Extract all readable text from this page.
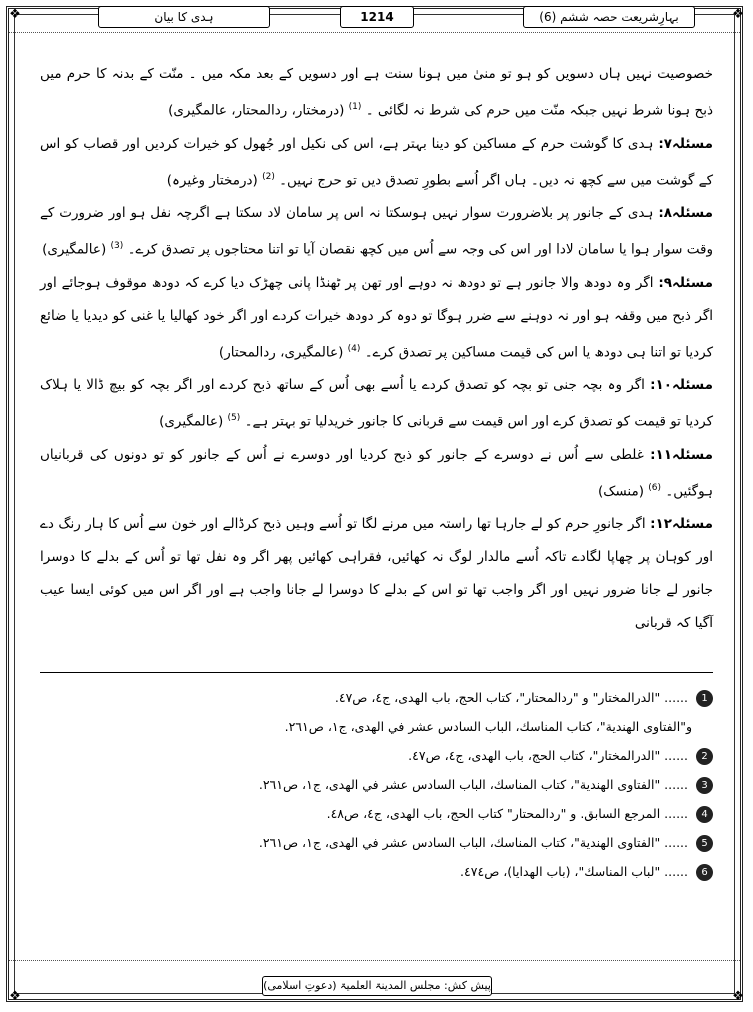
❖	❖
❖	❖
بہارِشریعت حصہ ششم (6)
1214
ہدی کا بیان

خصوصیت نہیں ہاں دسویں کو ہو تو منیٰ میں ہونا سنت ہے اور دسویں کے بعد مکہ میں ۔ منّت کے بدنہ کا حرم میں ذبح ہونا شرط نہیں جبکہ منّت میں حرم کی شرط نہ لگائی ۔ $^{(1)}$ (درمختار، ردالمحتار، عالمگیری)

مسئلہ۷: ہدی کا گوشت حرم کے مساکین کو دینا بہتر ہے، اس کی نکیل اور جُھول کو خیرات کردیں اور قصاب کو اس کے گوشت میں سے کچھ نہ دیں۔ ہاں اگر اُسے بطورِ تصدق دیں تو حرج نہیں۔ $^{(2)}$ (درمختار وغیرہ)

مسئلہ۸: ہدی کے جانور پر بلاضرورت سوار نہیں ہوسکتا نہ اس پر سامان لاد سکتا ہے اگرچہ نفل ہو اور ضرورت کے وقت سوار ہوا یا سامان لادا اور اس کی وجہ سے اُس میں کچھ نقصان آیا تو اتنا محتاجوں پر تصدق کرے۔ $^{(3)}$ (عالمگیری)

مسئلہ۹: اگر وہ دودھ والا جانور ہے تو دودھ نہ دوہے اور تھن پر ٹھنڈا پانی چھڑک دیا کرے کہ دودھ موقوف ہوجائے اور اگر ذبح میں وقفہ ہو اور نہ دوہنے سے ضرر ہوگا تو دوہ کر دودھ خیرات کردے اور اگر خود کھالیا یا غنی کو دیدیا یا ضائع کردیا تو اتنا ہی دودھ یا اس کی قیمت مساکین پر تصدق کرے۔ $^{(4)}$ (عالمگیری، ردالمحتار)

مسئلہ۱۰: اگر وہ بچہ جنی تو بچہ کو تصدق کردے یا اُسے بھی اُس کے ساتھ ذبح کردے اور اگر بچہ کو بیچ ڈالا یا ہلاک کردیا تو قیمت کو تصدق کرے اور اس قیمت سے قربانی کا جانور خریدلیا تو بہتر ہے۔ $^{(5)}$ (عالمگیری)

مسئلہ۱۱: غلطی سے اُس نے دوسرے کے جانور کو ذبح کردیا اور دوسرے نے اُس کے جانور کو تو دونوں کی قربانیاں ہوگئیں۔ $^{(6)}$ (منسک)

مسئلہ۱۲: اگر جانورِ حرم کو لے جارہا تھا راستہ میں مرنے لگا تو اُسے وہیں ذبح کرڈالے اور خون سے اُس کا ہار رنگ دے اور کوہان پر چھاپا لگادے تاکہ اُسے مالدار لوگ نہ کھائیں، فقراہی کھائیں پھر اگر وہ نفل تھا تو اُس کے بدلے کا دوسرا جانور لے جانا ضرور نہیں اور اگر واجب تھا تو اس کے بدلے کا دوسرا لے جانا واجب ہے اور اگر اس میں کوئی ایسا عیب آگیا کہ قربانی

1 ...... "الدرالمختار" و "ردالمحتار"، كتاب الحج، باب الهدى، ج٤، ص٤٧.

و"الفتاوى الهندية"، كتاب المناسك، الباب السادس عشر في الهدى، ج١، ص٢٦١.

2 ...... "الدرالمختار"، كتاب الحج، باب الهدى، ج٤، ص٤٧.

3 ...... "الفتاوى الهندية"، كتاب المناسك، الباب السادس عشر في الهدى، ج١، ص٢٦١.

4 ...... المرجع السابق. و "ردالمحتار" كتاب الحج، باب الهدى، ج٤، ص٤٨.

5 ...... "الفتاوى الهندية"، كتاب المناسك، الباب السادس عشر في الهدى، ج١، ص٢٦١.

6 ...... "لباب المناسك"، (باب الهدايا)، ص٤٧٤.

پیش کش: مجلس المدینۃ العلمیۃ (دعوتِ اسلامی)
